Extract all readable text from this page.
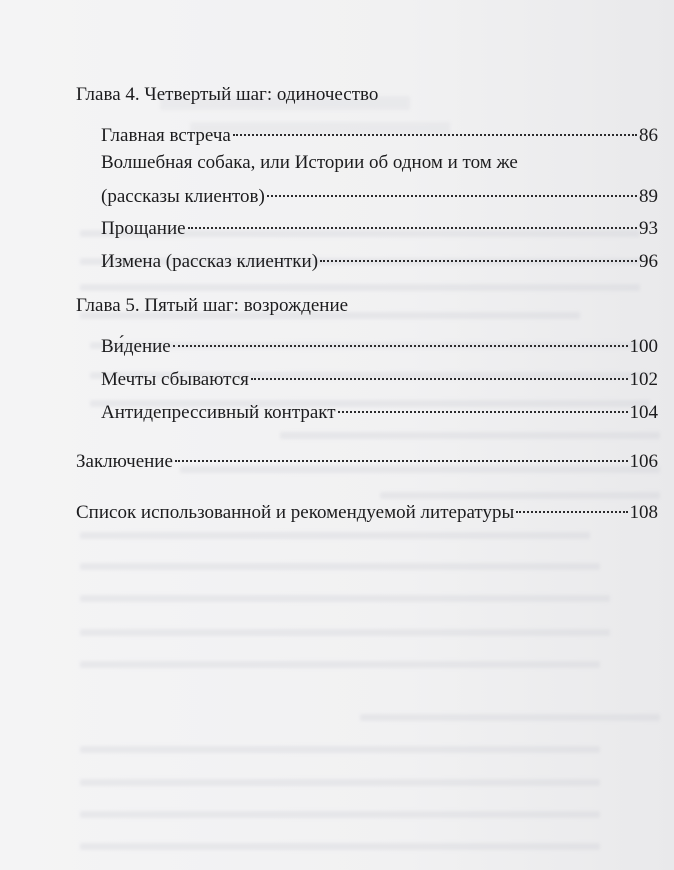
Глава 4. Четвертый шаг: одиночество
Главная встреча	86
Волшебная собака, или Истории об одном и том же
(рассказы клиентов)	89
Прощание	93
Измена (рассказ клиентки)	96
Глава 5. Пятый шаг: возрождение
Ви́дение	100
Мечты сбываются	102
Антидепрессивный контракт	104
Заключение	106
Список использованной и рекомендуемой литературы	108
